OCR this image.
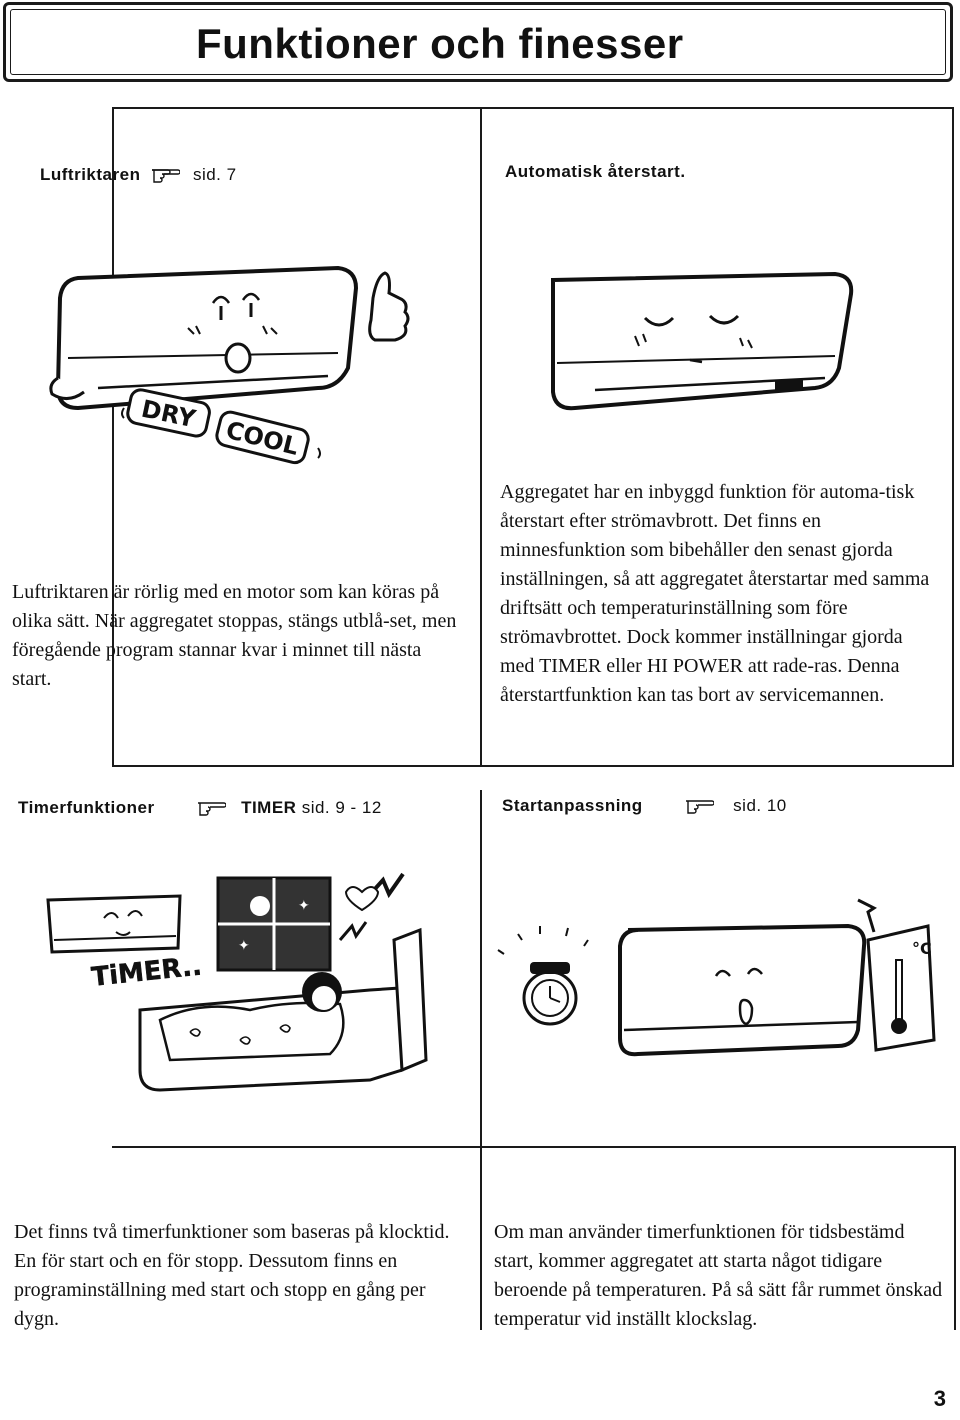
Funktioner och finesser
Luftriktaren	sid. 7	Automatisk återstart.
DRY
COOL

Luftriktaren är rörlig med en motor som kan köras på olika sätt. När aggregatet stoppas, stängs utblå-set, men föregående program stannar kvar i minnet till nästa start.

Aggregatet har en inbyggd funktion för automa-tisk återstart efter strömavbrott. Det finns en minnesfunktion som bibehåller den senast gjorda inställningen, så att aggregatet återstartar med samma driftsätt och temperaturinställning som före strömavbrottet. Dock kommer inställningar gjorda med TIMER eller HI POWER att rade-ras. Denna återstartfunktion kan tas bort av servicemannen.

Timerfunktioner	TIMER sid. 9 - 12	Startanpassning	sid. 10
✦
✦
TiMER..
°C

Det finns två timerfunktioner som baseras på klocktid. En för start och en för stopp. Dessutom finns en programinställning med start och stopp en gång per dygn.

Om man använder timerfunktionen för tidsbestämd start, kommer aggregatet att starta något tidigare beroende på temperaturen. På så sätt får rummet önskad temperatur vid inställt klockslag.

3
